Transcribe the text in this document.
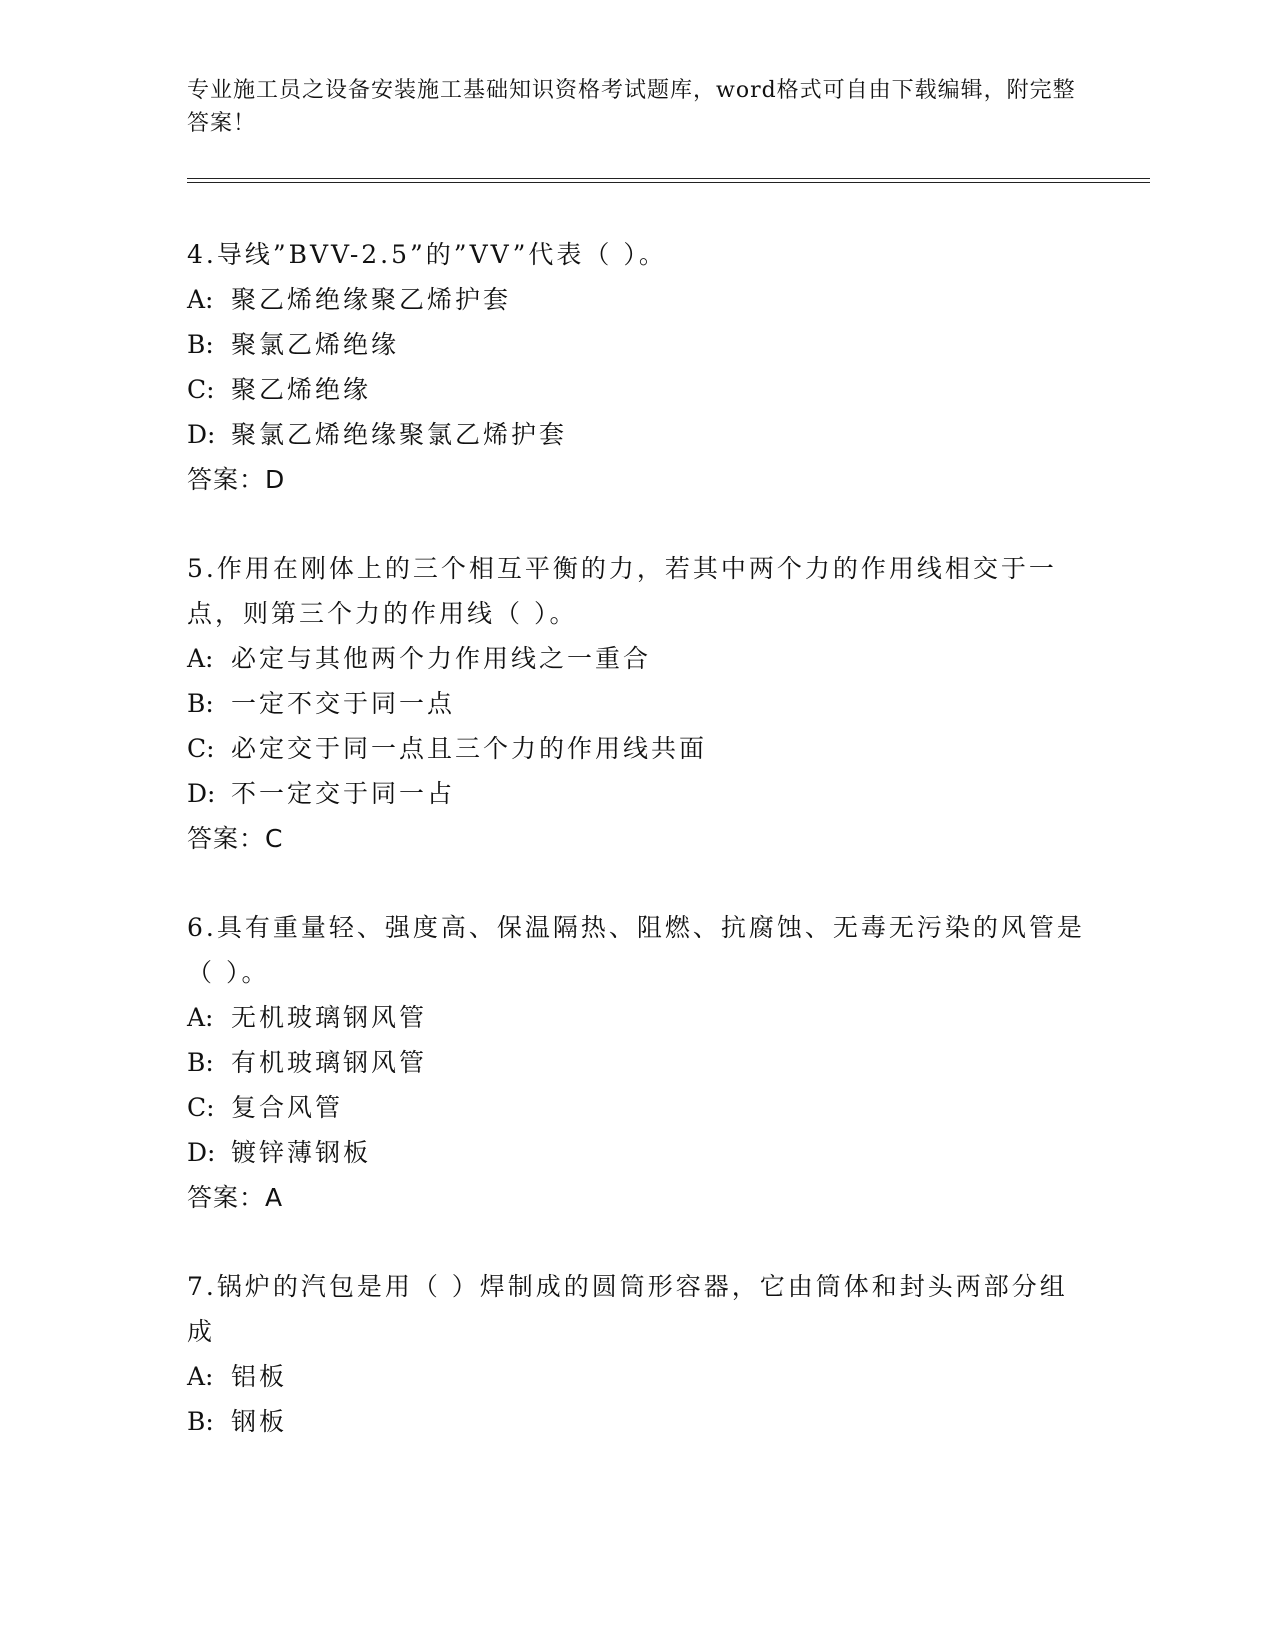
专业施工员之设备安装施工基础知识资格考试题库，word格式可自由下载编辑，附完整答案！

4.导线”BVV-2.5”的”VV”代表（ ）。

A: 聚乙烯绝缘聚乙烯护套

B: 聚氯乙烯绝缘

C: 聚乙烯绝缘

D: 聚氯乙烯绝缘聚氯乙烯护套

答案：D

5.作用在刚体上的三个相互平衡的力，若其中两个力的作用线相交于一点，则第三个力的作用线（ ）。

A: 必定与其他两个力作用线之一重合

B: 一定不交于同一点

C: 必定交于同一点且三个力的作用线共面

D: 不一定交于同一占

答案：C

6.具有重量轻、强度高、保温隔热、阻燃、抗腐蚀、无毒无污染的风管是（ ）。

A: 无机玻璃钢风管

B: 有机玻璃钢风管

C: 复合风管

D: 镀锌薄钢板

答案：A

7.锅炉的汽包是用（ ）焊制成的圆筒形容器，它由筒体和封头两部分组成

A: 铝板

B: 钢板
